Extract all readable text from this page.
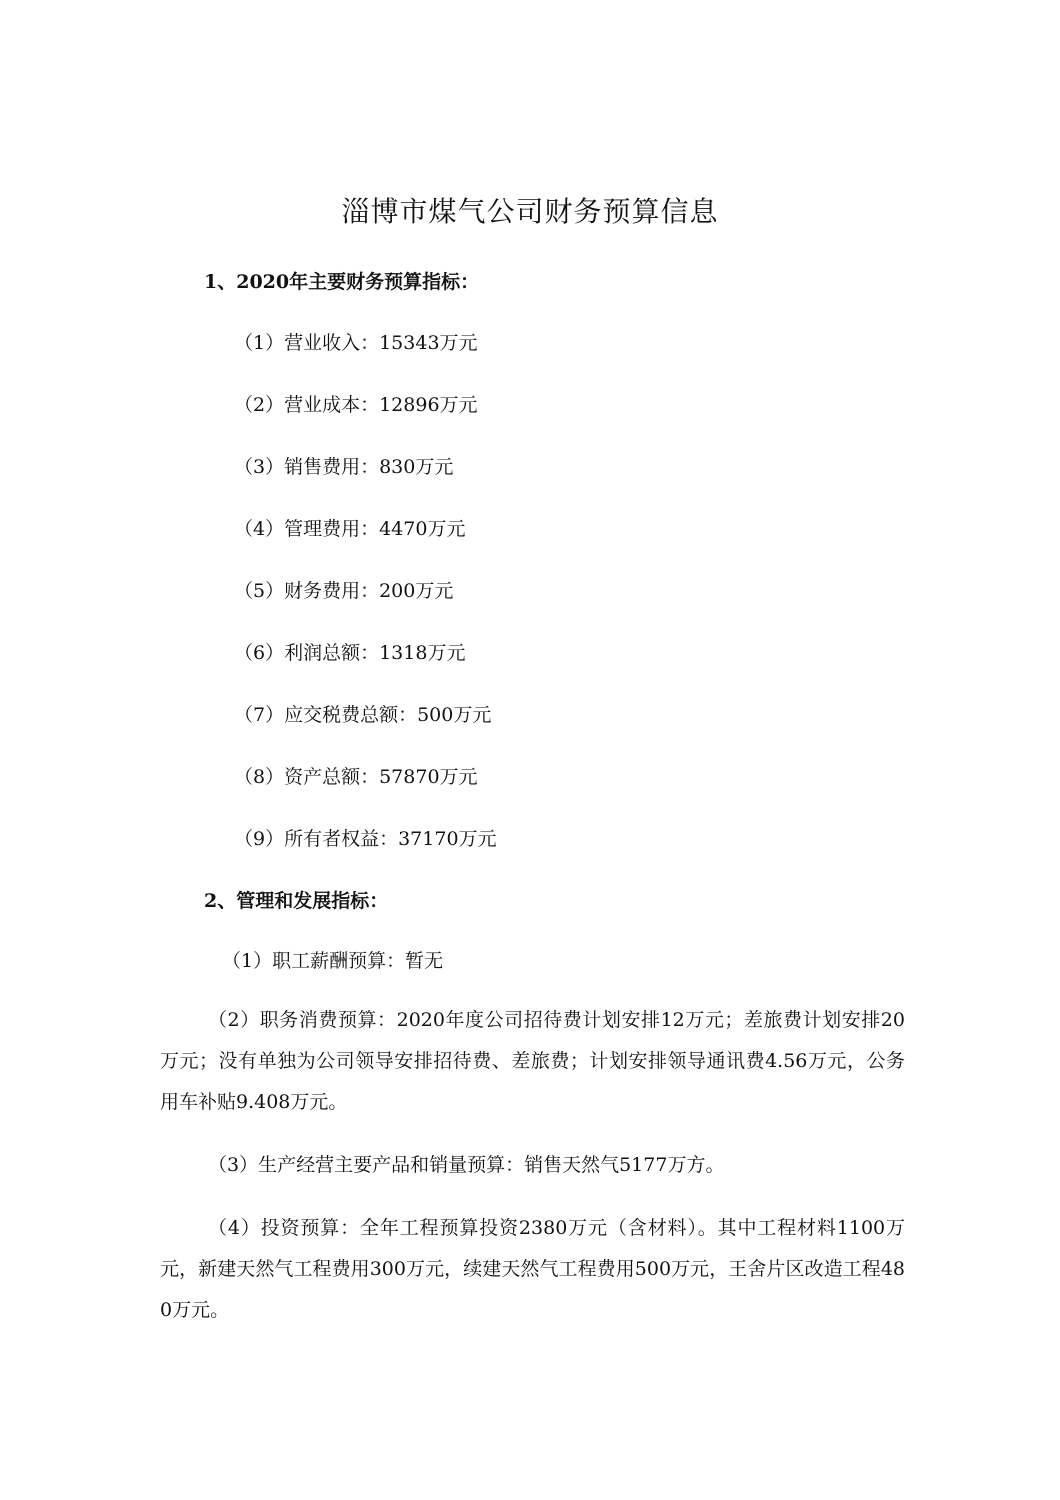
淄博市煤气公司财务预算信息
1、2020年主要财务预算指标：
（1）营业收入：15343万元
（2）营业成本：12896万元
（3）销售费用：830万元
（4）管理费用：4470万元
（5）财务费用：200万元
（6）利润总额：1318万元
（7）应交税费总额：500万元
（8）资产总额：57870万元
（9）所有者权益：37170万元
2、管理和发展指标：
（1）职工薪酬预算：暂无
（2）职务消费预算：2020年度公司招待费计划安排12万元；差旅费计划安排20万元；没有单独为公司领导安排招待费、差旅费；计划安排领导通讯费4.56万元，公务用车补贴9.408万元。
（3）生产经营主要产品和销量预算：销售天然气5177万方。
（4）投资预算：全年工程预算投资2380万元（含材料）。其中工程材料1100万元，新建天然气工程费用300万元，续建天然气工程费用500万元，王舍片区改造工程480万元。
